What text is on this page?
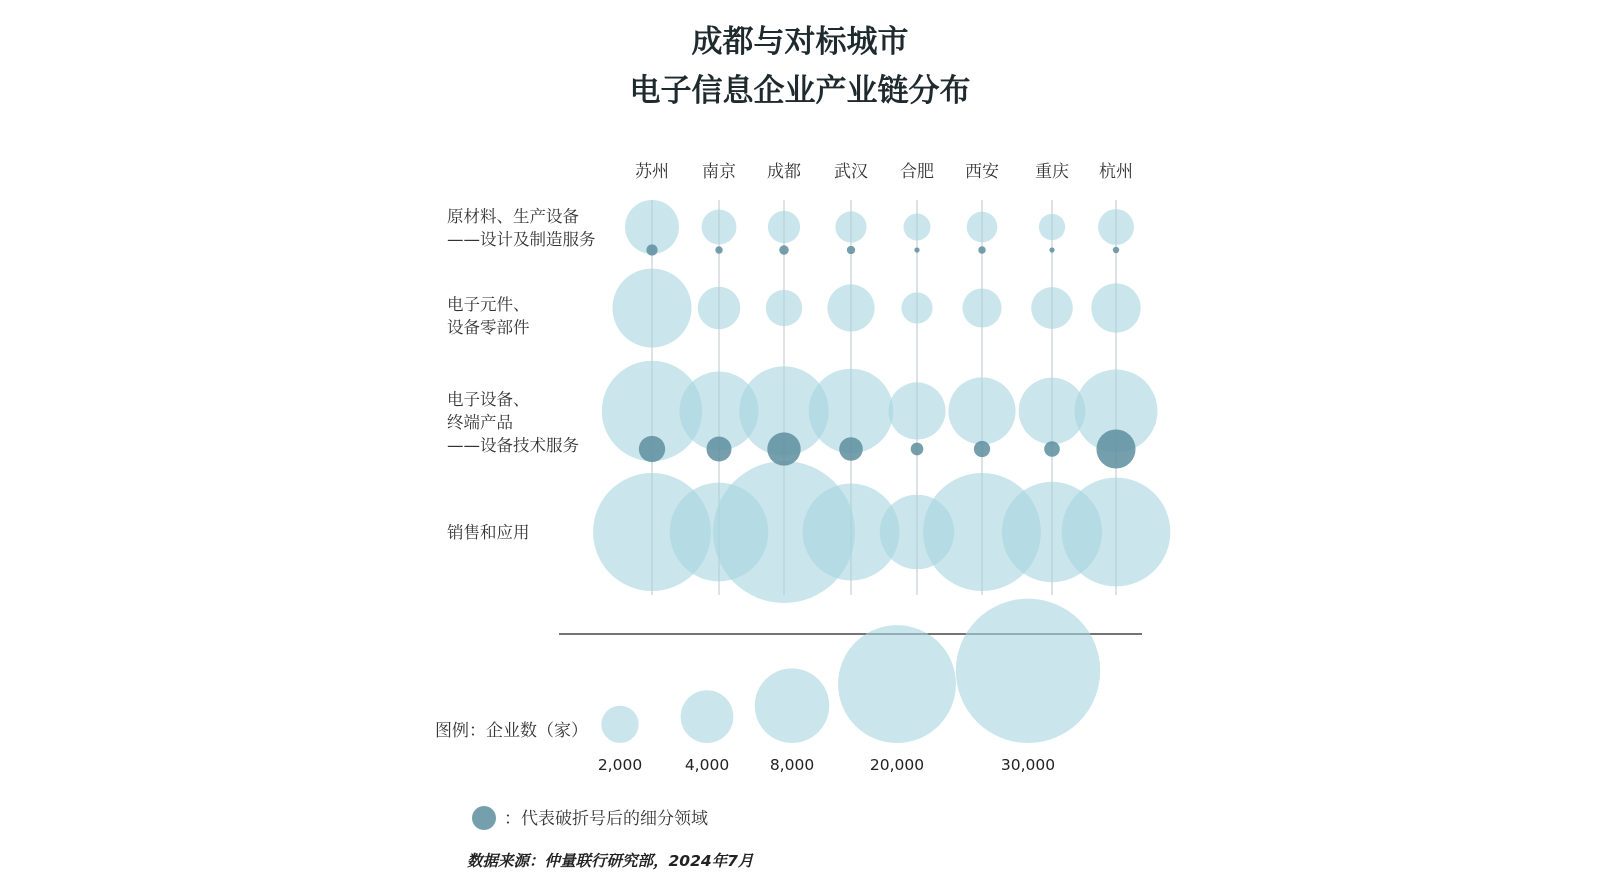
成都与对标城市
电子信息企业产业链分布
苏州 南京 成都 武汉 合肥 西安 重庆 杭州
原材料、生产设备
——设计及制造服务
电子元件、
设备零部件
电子设备、
终端产品
——设备技术服务
销售和应用
图例：企业数（家）
2,000	4,000	8,000	20,000	30,000
：代表破折号后的细分领域
数据来源：仲量联行研究部，2024年7月
